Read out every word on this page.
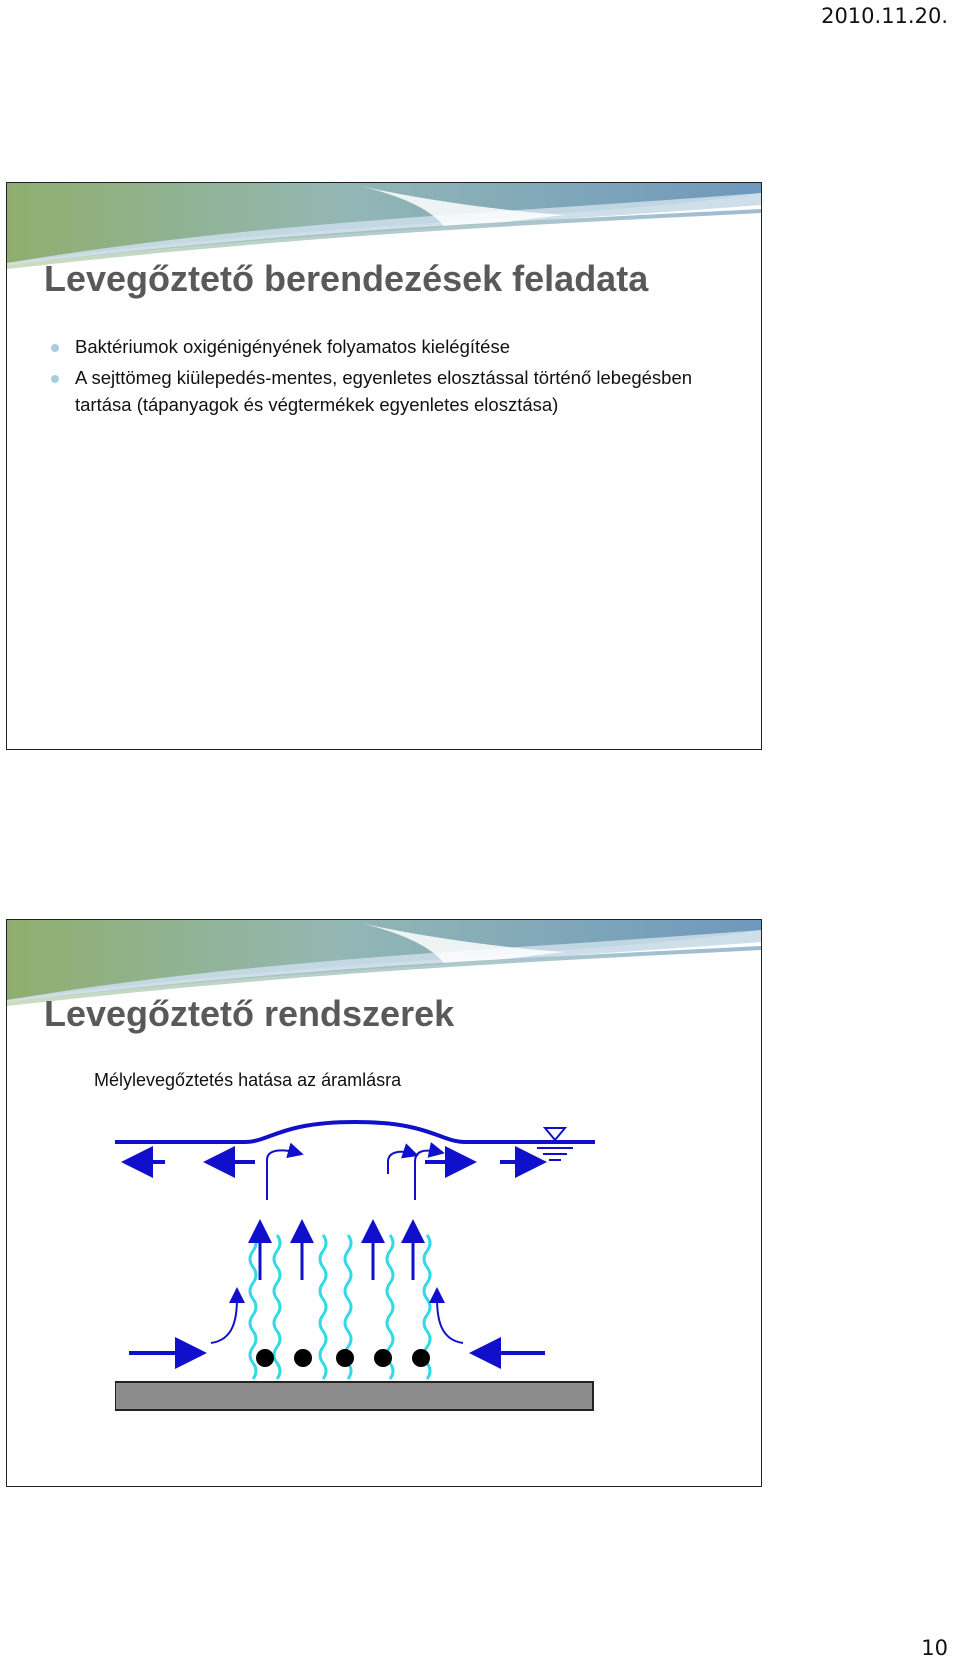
2010.11.20.
Levegőztető berendezések feladata
Baktériumok oxigénigényének folyamatos kielégítése
A sejttömeg kiülepedés-mentes, egyenletes elosztással történő lebegésben tartása (tápanyagok és végtermékek egyenletes elosztása)
Levegőztető rendszerek
Mélylevegőztetés hatása az áramlásra
10
